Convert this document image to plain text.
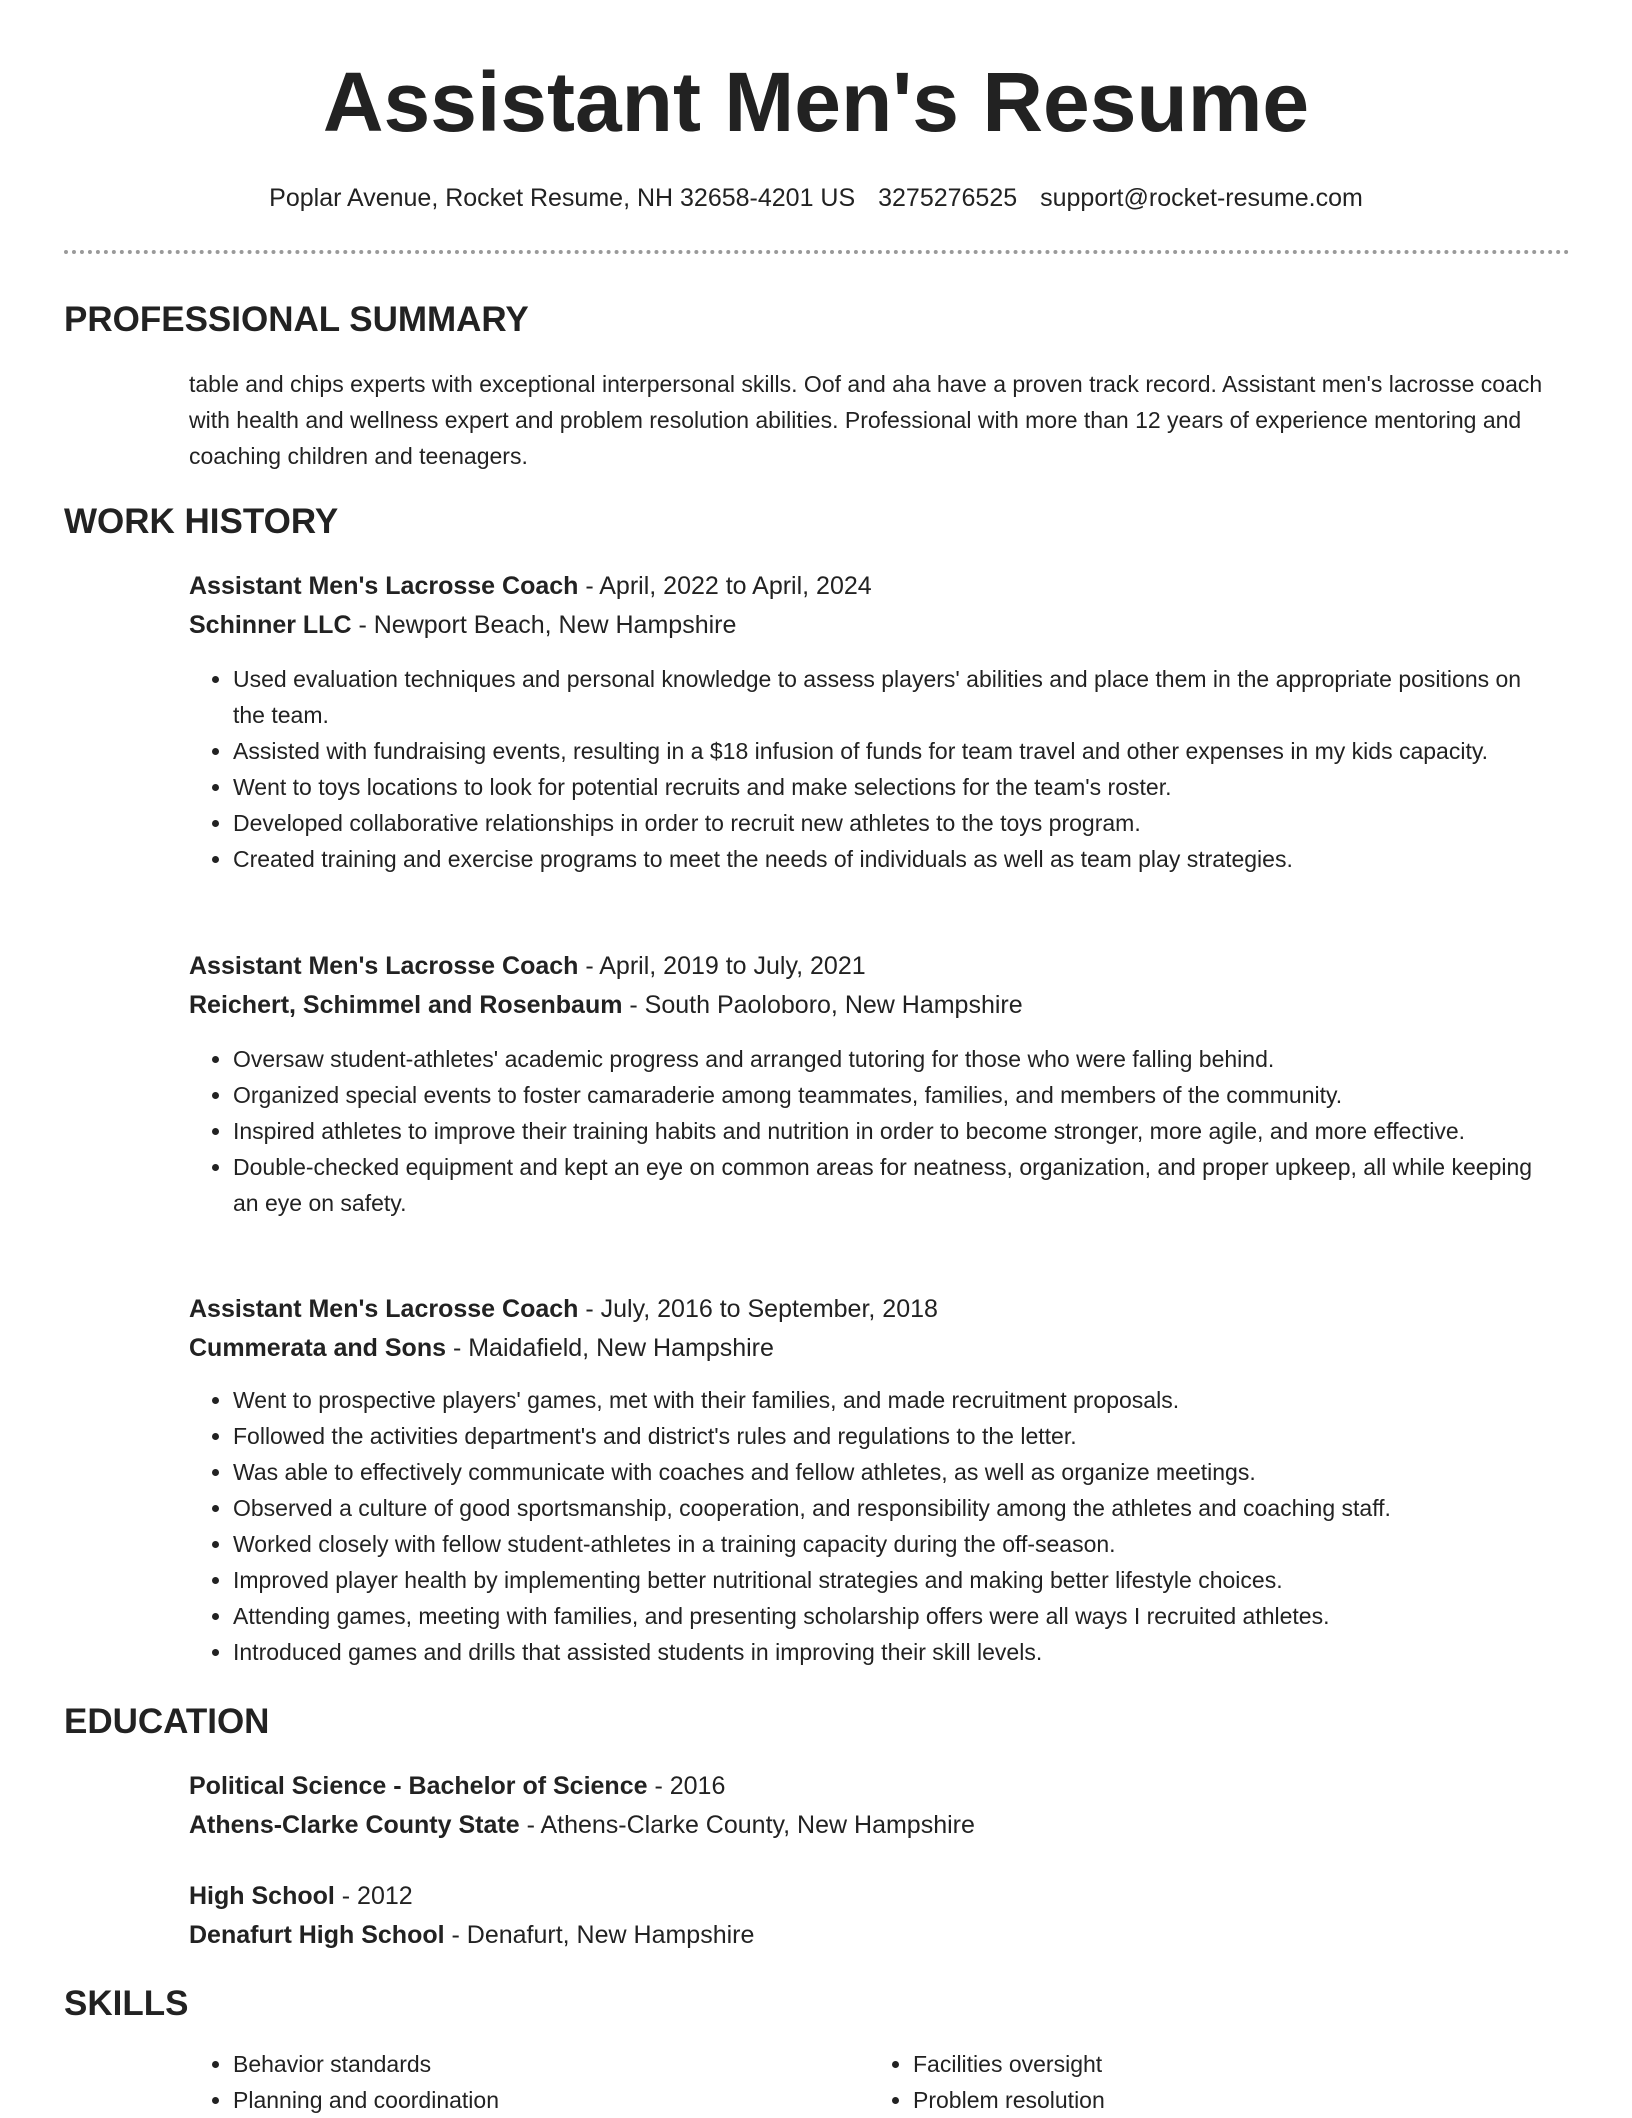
Assistant Men's Resume
Poplar Avenue, Rocket Resume, NH 32658-4201 US 3275276525 support@rocket-resume.com
PROFESSIONAL SUMMARY

table and chips experts with exceptional interpersonal skills. Oof and aha have a proven track record. Assistant men's lacrosse coach with health and wellness expert and problem resolution abilities. Professional with more than 12 years of experience mentoring and coaching children and teenagers.

WORK HISTORY

Assistant Men's Lacrosse Coach - April, 2022 to April, 2024

Schinner LLC - Newport Beach, New Hampshire

• Used evaluation techniques and personal knowledge to assess players' abilities and place them in the appropriate positions on the team.
• Assisted with fundraising events, resulting in a $18 infusion of funds for team travel and other expenses in my kids capacity.
• Went to toys locations to look for potential recruits and make selections for the team's roster.
• Developed collaborative relationships in order to recruit new athletes to the toys program.
• Created training and exercise programs to meet the needs of individuals as well as team play strategies.

Assistant Men's Lacrosse Coach - April, 2019 to July, 2021

Reichert, Schimmel and Rosenbaum - South Paoloboro, New Hampshire

• Oversaw student-athletes' academic progress and arranged tutoring for those who were falling behind.
• Organized special events to foster camaraderie among teammates, families, and members of the community.
• Inspired athletes to improve their training habits and nutrition in order to become stronger, more agile, and more effective.
• Double-checked equipment and kept an eye on common areas for neatness, organization, and proper upkeep, all while keeping an eye on safety.

Assistant Men's Lacrosse Coach - July, 2016 to September, 2018

Cummerata and Sons - Maidafield, New Hampshire

• Went to prospective players' games, met with their families, and made recruitment proposals.
• Followed the activities department's and district's rules and regulations to the letter.
• Was able to effectively communicate with coaches and fellow athletes, as well as organize meetings.
• Observed a culture of good sportsmanship, cooperation, and responsibility among the athletes and coaching staff.
• Worked closely with fellow student-athletes in a training capacity during the off-season.
• Improved player health by implementing better nutritional strategies and making better lifestyle choices.
• Attending games, meeting with families, and presenting scholarship offers were all ways I recruited athletes.
• Introduced games and drills that assisted students in improving their skill levels.
EDUCATION

Political Science - Bachelor of Science - 2016

Athens-Clarke County State - Athens-Clarke County, New Hampshire

High School - 2012

Denafurt High School - Denafurt, New Hampshire

SKILLS
• Behavior standards
• Planning and coordination
• Facilities oversight
• Problem resolution
